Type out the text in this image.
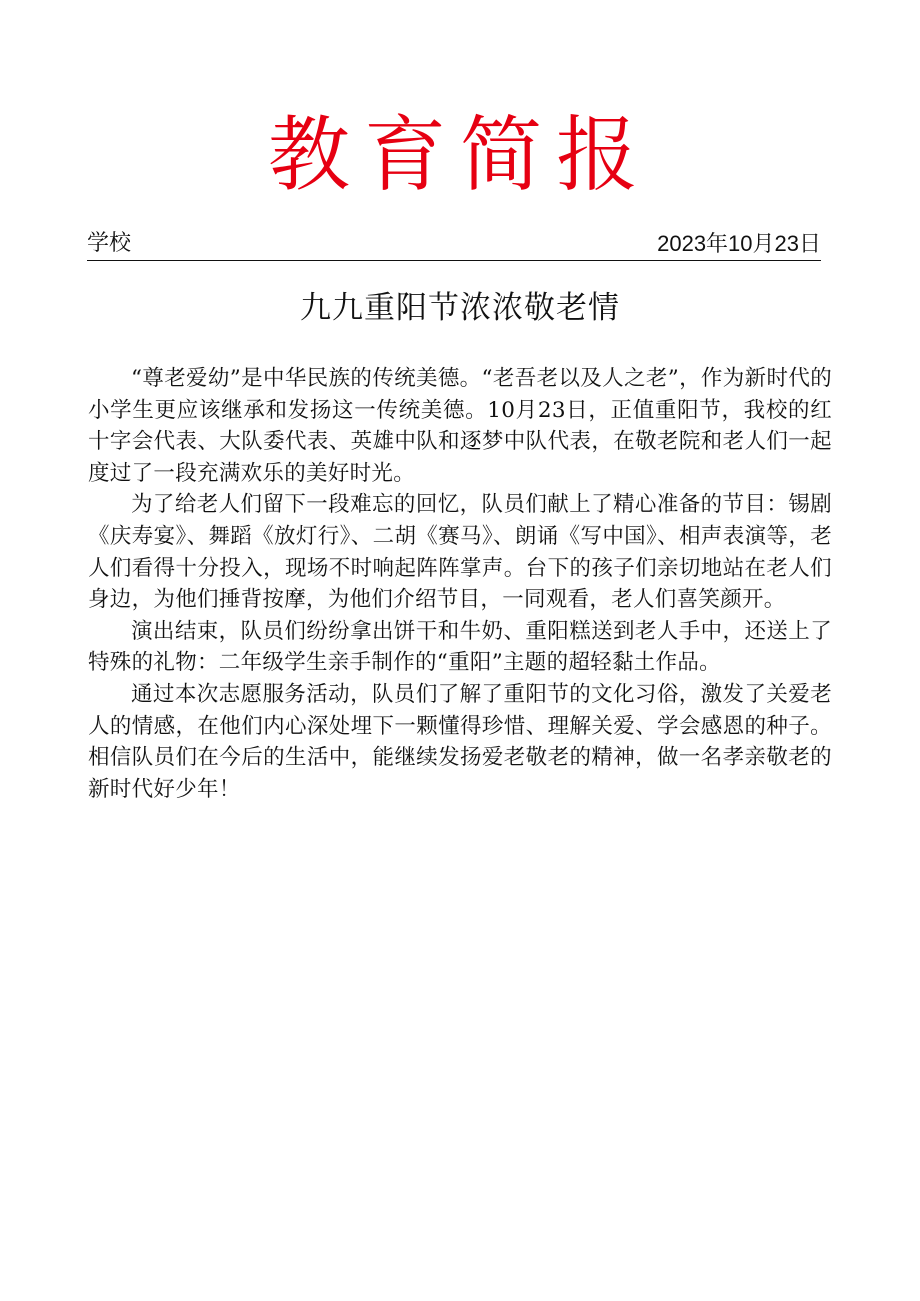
教育简报
学校	2023年10月23日
九九重阳节浓浓敬老情

“尊老爱幼”是中华民族的传统美德。“老吾老以及人之老”，作为新时代的小学生更应该继承和发扬这一传统美德。10月23日，正值重阳节，我校的红十字会代表、大队委代表、英雄中队和逐梦中队代表，在敬老院和老人们一起度过了一段充满欢乐的美好时光。

为了给老人们留下一段难忘的回忆，队员们献上了精心准备的节目：锡剧《庆寿宴》、舞蹈《放灯行》、二胡《赛马》、朗诵《写中国》、相声表演等，老人们看得十分投入，现场不时响起阵阵掌声。台下的孩子们亲切地站在老人们身边，为他们捶背按摩，为他们介绍节目，一同观看，老人们喜笑颜开。

演出结束，队员们纷纷拿出饼干和牛奶、重阳糕送到老人手中，还送上了特殊的礼物：二年级学生亲手制作的“重阳”主题的超轻黏土作品。

通过本次志愿服务活动，队员们了解了重阳节的文化习俗，激发了关爱老人的情感，在他们内心深处埋下一颗懂得珍惜、理解关爱、学会感恩的种子。相信队员们在今后的生活中，能继续发扬爱老敬老的精神，做一名孝亲敬老的新时代好少年！
